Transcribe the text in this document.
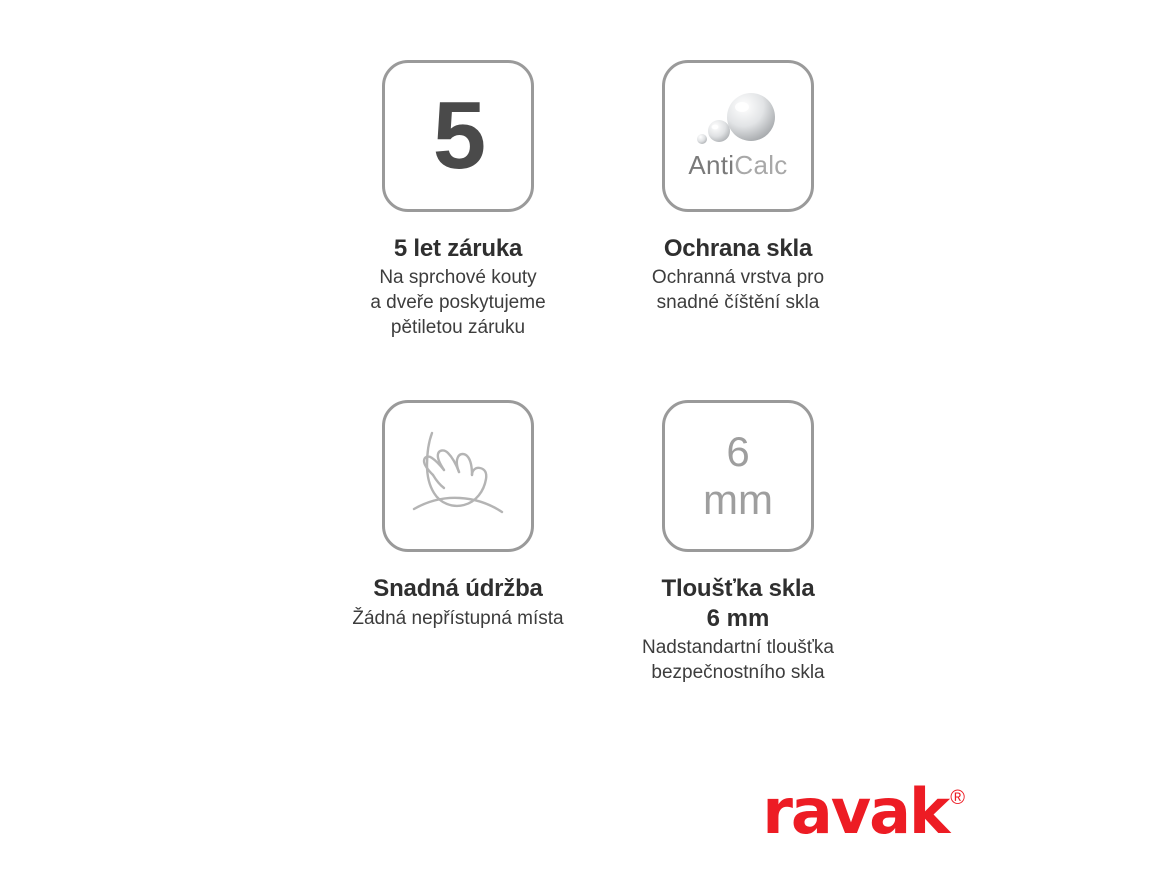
5
5 let záruka
Na sprchové kouty
a dveře poskytujeme
pětiletou záruku
AntiCalc
Ochrana skla
Ochranná vrstva pro
snadné číštění skla
Snadná údržba
Žádná nepřístupná místa
6
mm
Tloušťka skla
6 mm
Nadstandartní tloušťka
bezpečnostního skla
ravak ®
